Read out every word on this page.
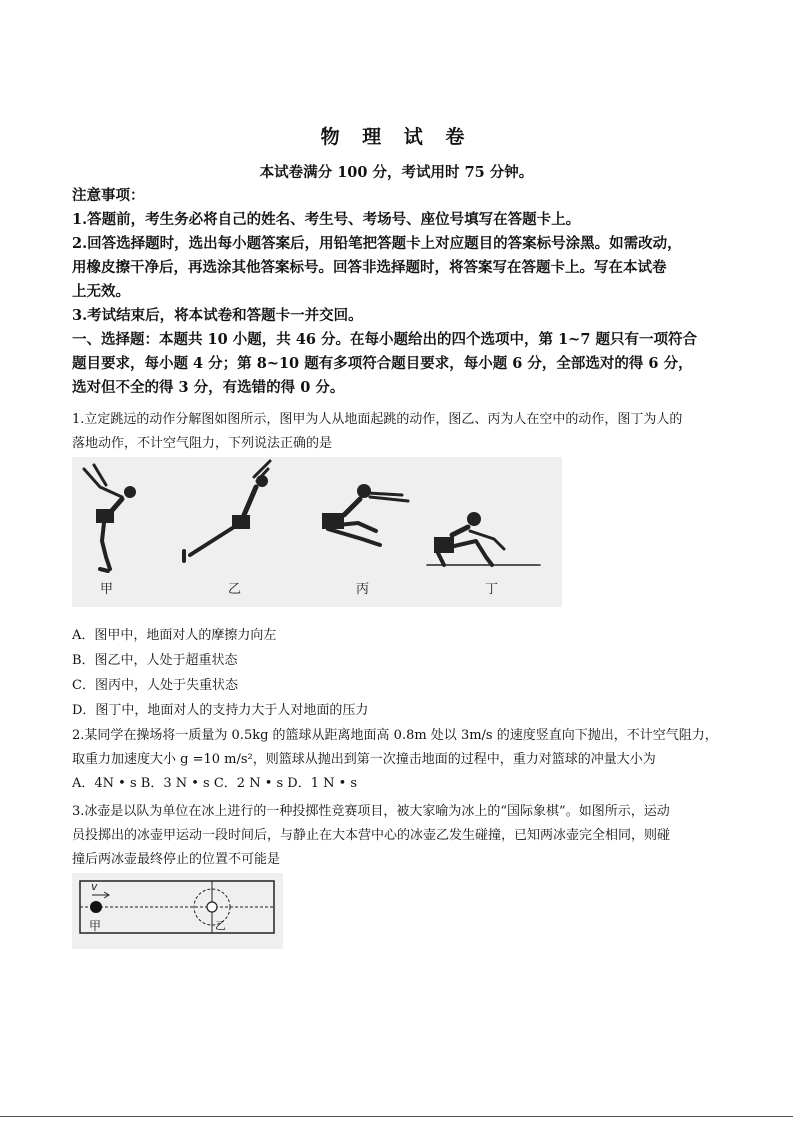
物 理 试 卷
本试卷满分 100 分，考试用时 75 分钟。
注意事项：
1.答题前，考生务必将自己的姓名、考生号、考场号、座位号填写在答题卡上。
2.回答选择题时，选出每小题答案后，用铅笔把答题卡上对应题目的答案标号涂黑。如需改动，
用橡皮擦干净后，再选涂其他答案标号。回答非选择题时，将答案写在答题卡上。写在本试卷
上无效。
3.考试结束后，将本试卷和答题卡一并交回。
一、选择题：本题共 10 小题，共 46 分。在每小题给出的四个选项中，第 1~7 题只有一项符合
题目要求，每小题 4 分；第 8~10 题有多项符合题目要求，每小题 6 分，全部选对的得 6 分，
选对但不全的得 3 分，有选错的得 0 分。
1.立定跳远的动作分解图如图所示，图甲为人从地面起跳的动作，图乙、丙为人在空中的动作，图丁为人的
落地动作，不计空气阻力，下列说法正确的是
甲	乙	丙	丁
A．图甲中，地面对人的摩擦力向左
B．图乙中，人处于超重状态
C．图丙中，人处于失重状态
D．图丁中，地面对人的支持力大于人对地面的压力
2.某同学在操场将一质量为 0.5kg 的篮球从距离地面高 0.8m 处以 3m/s 的速度竖直向下抛出，不计空气阻力，
取重力加速度大小 g =10 m/s²，则篮球从抛出到第一次撞击地面的过程中，重力对篮球的冲量大小为
A．4N • s B．3 N • s C．2 N • s D．1 N • s
3.冰壶是以队为单位在冰上进行的一种投掷性竞赛项目，被大家喻为冰上的“国际象棋”。如图所示，运动
员投掷出的冰壶甲运动一段时间后，与静止在大本营中心的冰壶乙发生碰撞，已知两冰壶完全相同，则碰
撞后两冰壶最终停止的位置不可能是
v
甲	乙
